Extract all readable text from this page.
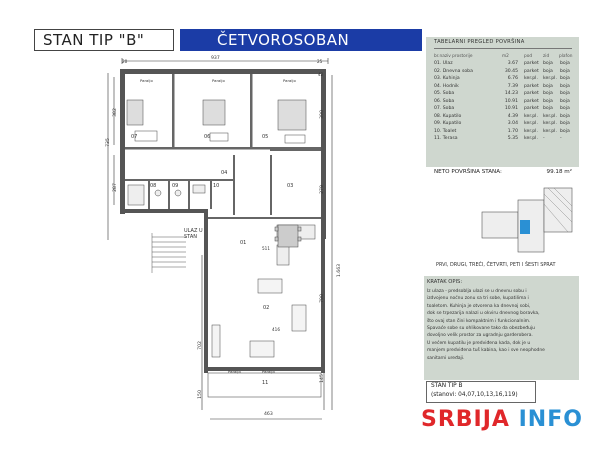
STAN TIP "B"	ČETVOROSOBAN
07	06	05
08	09	10
04
03
01
02
11
ULAZ U STAN
937
463
1.663
735
382	390
287	279
790
702
511
416
145
150
42
20	25
Paraljo	Paraljo	Paraljo
Paraljo	Paraljo
TABELARNI PREGLED POVRŠINA
br.naziv prostorije	m2	pod	zid plafon
01. Ulaz	3.67 parket boja boja
02. Dnevna soba	30.45 parket boja boja
03. Kuhinja	6.76 ker.pl. ker.pl. boja
04. Hodnik	7.39 parket boja boja
05. Soba	14.23 parket boja boja
06. Soba	10.91 parket boja boja
07. Soba	10.91 parket boja boja
08. Kupatilo	4.39 ker.pl. ker.pl. boja
09. Kupatilo	3.04 ker.pl. ker.pl. boja
10. Toalet	1.70 ker.pl. ker.pl. boja
11. Terasa	5.35 ker.pl. -	-
NETO POVRŠINA STANA:	99.18 m²
PRVI, DRUGI, TREĆI, ČETVRTI, PETI I ŠESTI SPRAT
KRATAK OPIS:
Iz ulaza - predsoblja ulazi se u dnevnu sobu i
izdvojenu noćnu zonu sa tri sobe, kupatilima i
toaletom. Kuhinja je otvorena ka dnevnoj sobi,
dok se trpezarija nalazi u okviru dnevnog boravka,
što ovaj stan čini kompaktnim i funkcionalnim.
Spavaće sobe su ohlikovane tako da obezbeđuju
dovoljno velik prostor za ugradnju garderobera.
U većem kupatilu je predviđena kada, dok je u
manjem predviđena tuš kabina, kao i sve neophodne
sanitarni uređaji.
STAN TIP B
(stanovi: 04,07,10,13,16,119)
SRBIJA INFO
